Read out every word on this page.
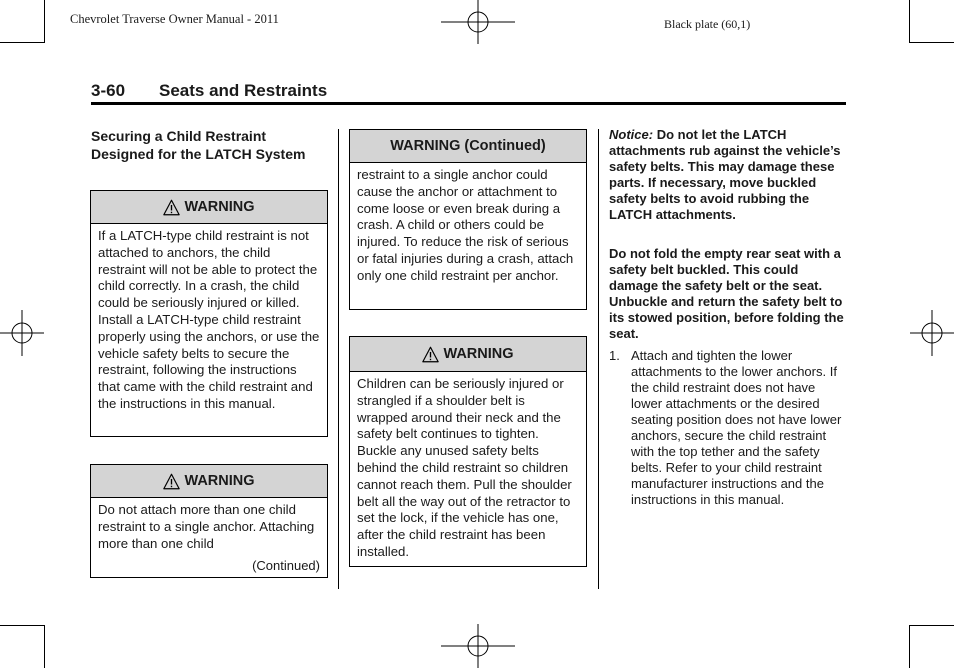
Chevrolet Traverse Owner Manual - 2011	Black plate (60,1)
3-60 Seats and Restraints
Securing a Child Restraint Designed for the LATCH System
WARNING
If a LATCH-type child restraint is not attached to anchors, the child restraint will not be able to protect the child correctly. In a crash, the child could be seriously injured or killed. Install a LATCH-type child restraint properly using the anchors, or use the vehicle safety belts to secure the restraint, following the instructions that came with the child restraint and the instructions in this manual.
WARNING
Do not attach more than one child restraint to a single anchor. Attaching more than one child
(Continued)
WARNING (Continued)
restraint to a single anchor could cause the anchor or attachment to come loose or even break during a crash. A child or others could be injured. To reduce the risk of serious or fatal injuries during a crash, attach only one child restraint per anchor.
WARNING
Children can be seriously injured or strangled if a shoulder belt is wrapped around their neck and the safety belt continues to tighten. Buckle any unused safety belts behind the child restraint so children cannot reach them. Pull the shoulder belt all the way out of the retractor to set the lock, if the vehicle has one, after the child restraint has been installed.
Notice: Do not let the LATCH attachments rub against the vehicle’s safety belts. This may damage these parts. If necessary, move buckled safety belts to avoid rubbing the LATCH attachments.
Do not fold the empty rear seat with a safety belt buckled. This could damage the safety belt or the seat. Unbuckle and return the safety belt to its stowed position, before folding the seat.
1. Attach and tighten the lower attachments to the lower anchors. If the child restraint does not have lower attachments or the desired seating position does not have lower anchors, secure the child restraint with the top tether and the safety belts. Refer to your child restraint manufacturer instructions and the instructions in this manual.
